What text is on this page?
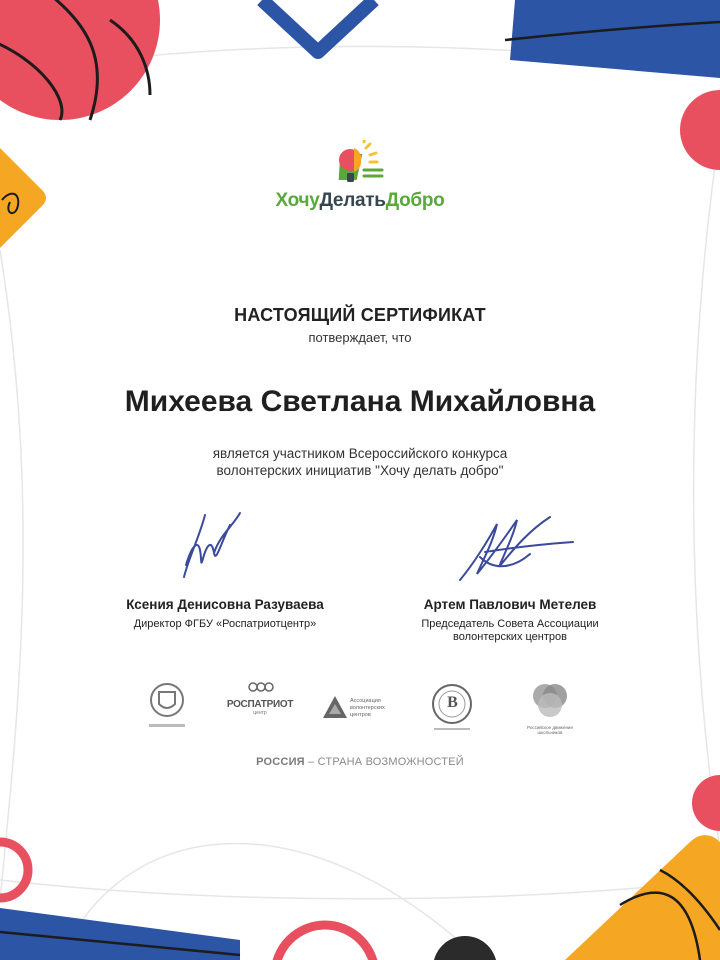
ХочуДелатьДобро
НАСТОЯЩИЙ СЕРТИФИКАТ
потверждает, что
Михеева Светлана Михайловна
является участником Всероссийского конкурса
волонтерских инициатив "Хочу делать добро"
Ксения Денисовна Разуваева
Директор ФГБУ «Роспатриотцентр»
Артем Павлович Метелев
Председатель Совета Ассоциации
волонтерских центров
РОСПАТРИОТ
центр
Ассоциация волонтерских центров
В
Российское движение школьников
РОССИЯ – СТРАНА ВОЗМОЖНОСТЕЙ
